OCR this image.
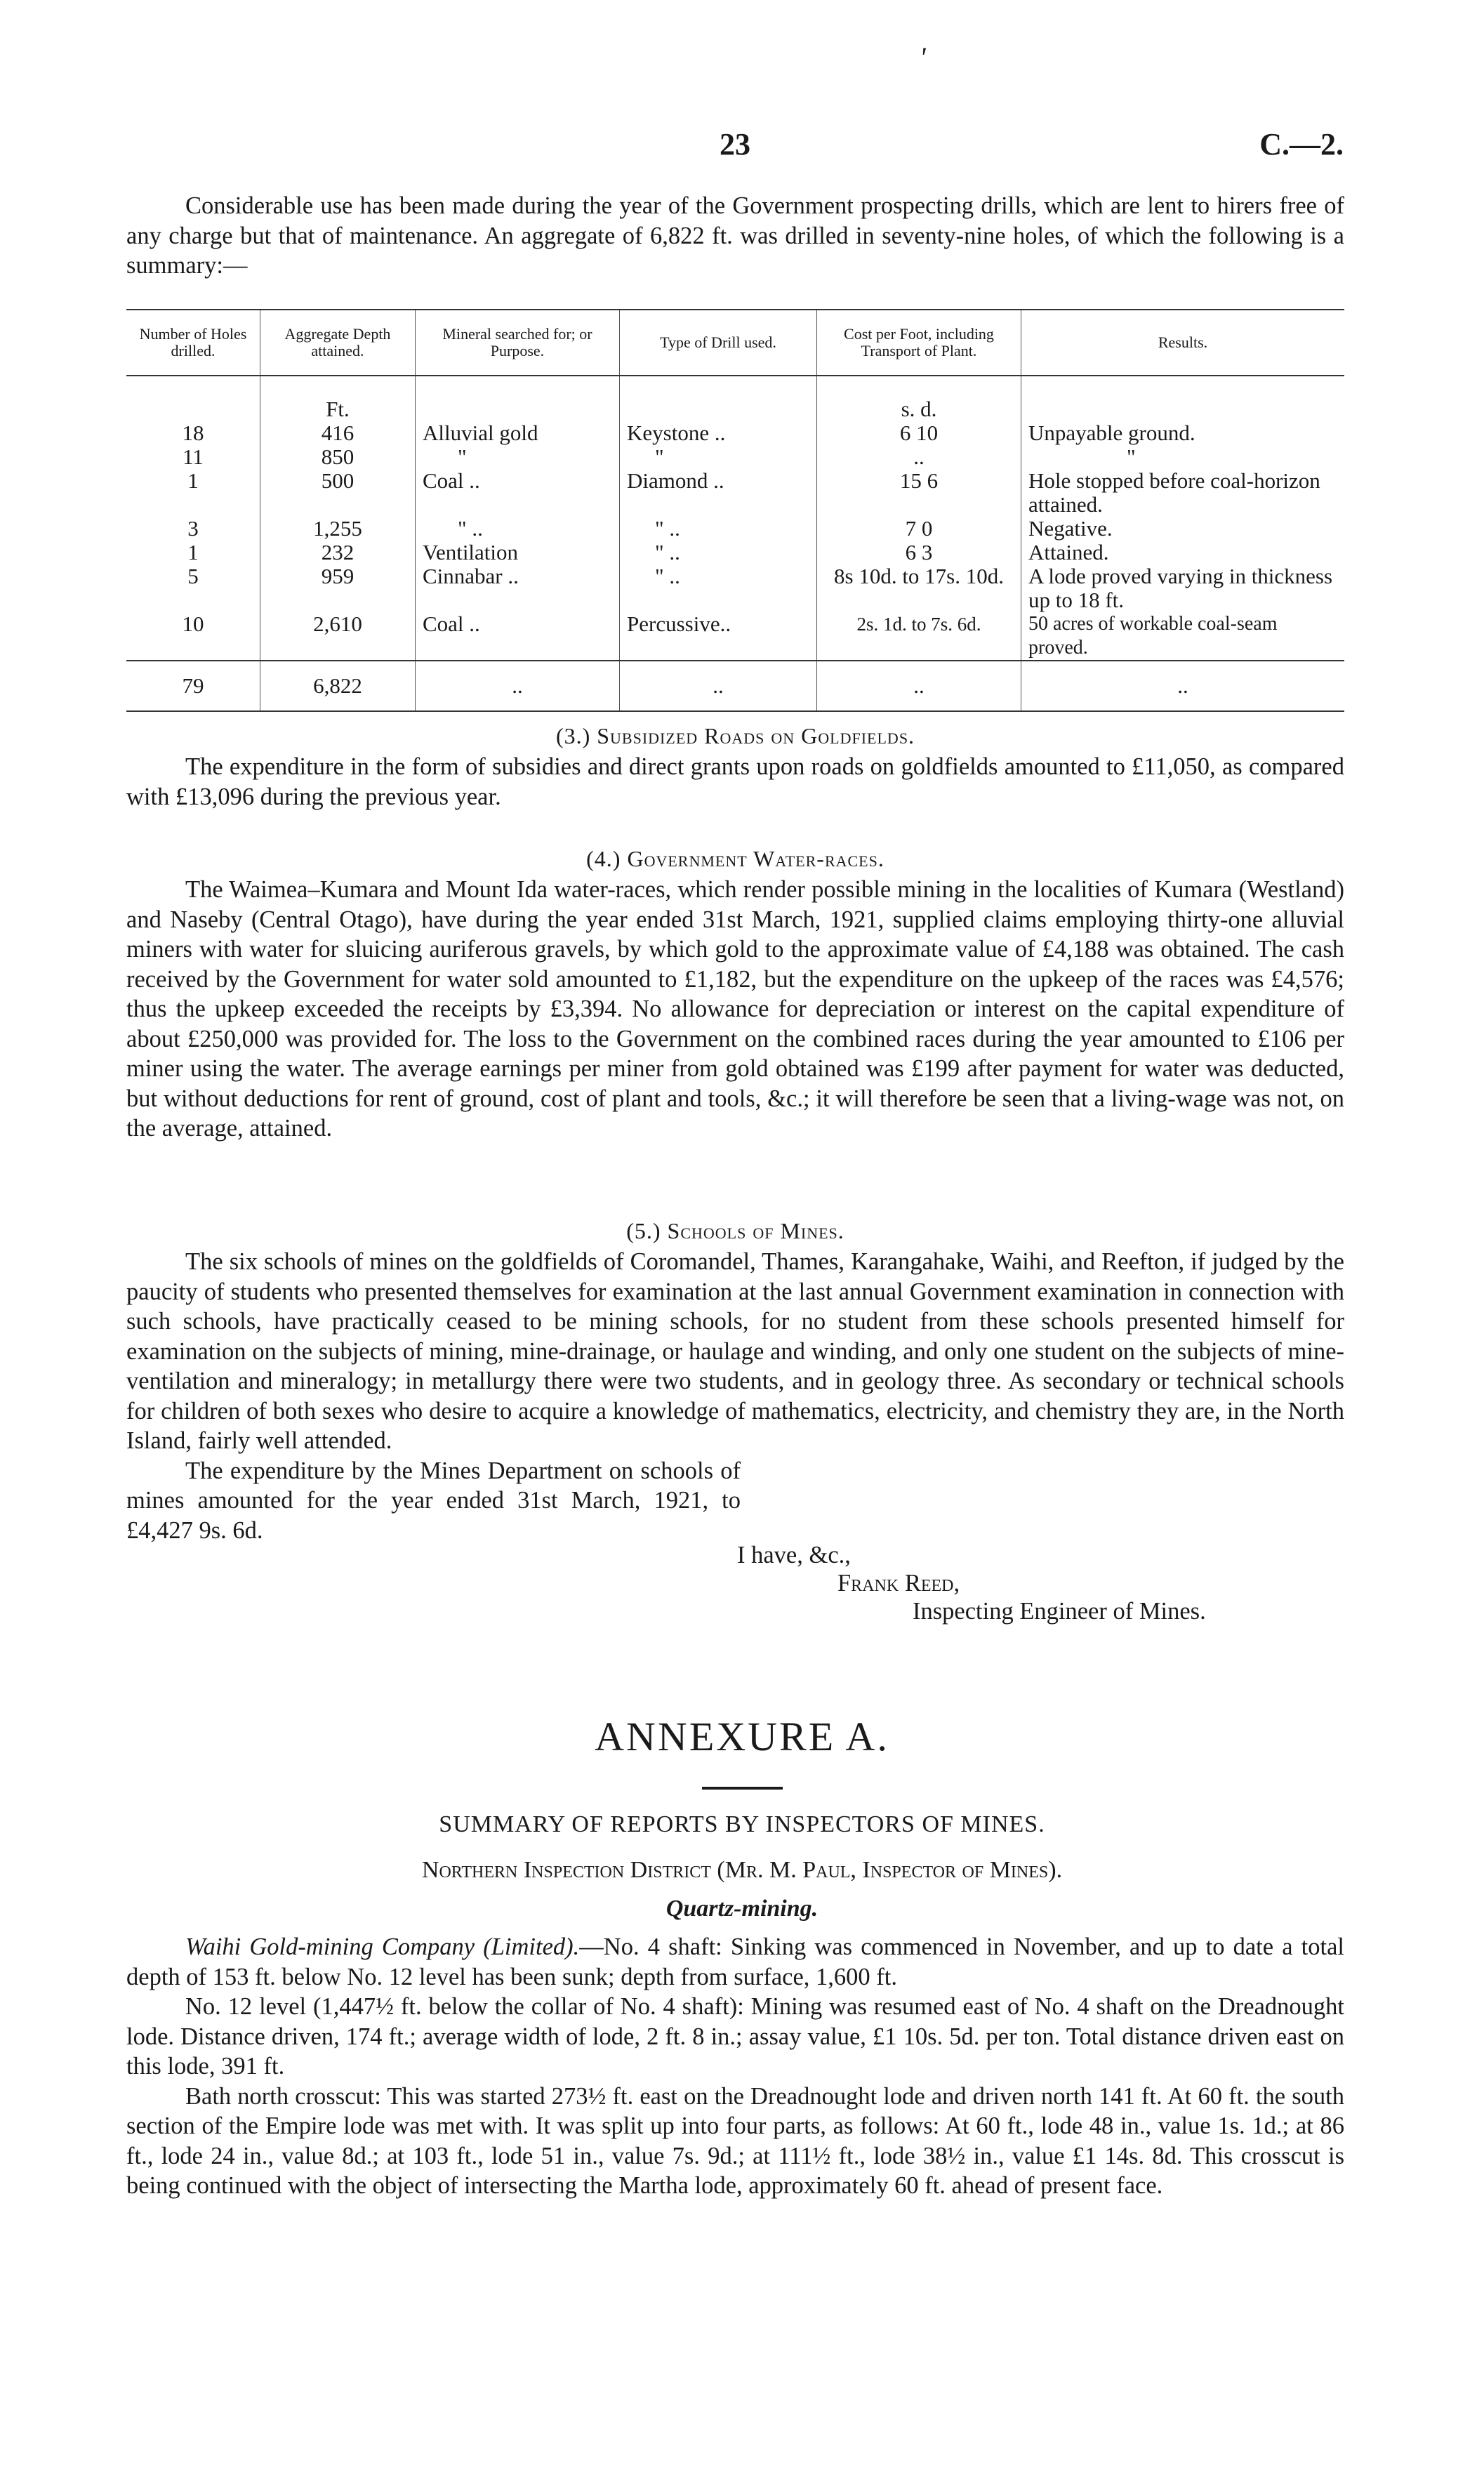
'
23	C.—2.

Considerable use has been made during the year of the Government prospecting drills, which are lent to hirers free of any charge but that of maintenance. An aggregate of 6,822 ft. was drilled in seventy-nine holes, of which the following is a summary:—

Number of Holes drilled.	Aggregate Depth attained.	Mineral searched for; or Purpose.	Type of Drill used.	Cost per Foot, including Transport of Plant.	Results.
	Ft.			s. d.	
18	416	Alluvial gold	Keystone ..	6 10	Unpayable ground.
11	850	"	"	..	"
1	500	Coal ..	Diamond ..	15 6	Hole stopped before coal-horizon attained.
3	1,255	" ..	" ..	7 0	Negative.
1	232	Ventilation	" ..	6 3	Attained.
5	959	Cinnabar ..	" ..	8s 10d. to 17s. 10d.	A lode proved varying in thickness up to 18 ft.
10	2,610	Coal ..	Percussive..	2s. 1d. to 7s. 6d.	50 acres of workable coal-seam proved.
79	6,822	..	..	..	..
(3.) Subsidized Roads on Goldfields.

The expenditure in the form of subsidies and direct grants upon roads on goldfields amounted to £11,050, as compared with £13,096 during the previous year.

(4.) Government Water-races.

The Waimea–Kumara and Mount Ida water-races, which render possible mining in the localities of Kumara (Westland) and Naseby (Central Otago), have during the year ended 31st March, 1921, supplied claims employing thirty-one alluvial miners with water for sluicing auriferous gravels, by which gold to the approximate value of £4,188 was obtained. The cash received by the Government for water sold amounted to £1,182, but the expenditure on the upkeep of the races was £4,576; thus the upkeep exceeded the receipts by £3,394. No allowance for depreciation or interest on the capital expenditure of about £250,000 was provided for. The loss to the Government on the combined races during the year amounted to £106 per miner using the water. The average earnings per miner from gold obtained was £199 after payment for water was deducted, but without deductions for rent of ground, cost of plant and tools, &c.; it will therefore be seen that a living-wage was not, on the average, attained.

(5.) Schools of Mines.

The six schools of mines on the goldfields of Coromandel, Thames, Karangahake, Waihi, and Reefton, if judged by the paucity of students who presented themselves for examination at the last annual Government examination in connection with such schools, have practically ceased to be mining schools, for no student from these schools presented himself for examination on the subjects of mining, mine-drainage, or haulage and winding, and only one student on the subjects of mine-ventilation and mineralogy; in metallurgy there were two students, and in geology three. As secondary or technical schools for children of both sexes who desire to acquire a knowledge of mathematics, electricity, and chemistry they are, in the North Island, fairly well attended.

The expenditure by the Mines Department on schools of mines amounted for the year ended 31st March, 1921, to £4,427 9s. 6d.

I have, &c.,
Frank Reed,
Inspecting Engineer of Mines.
ANNEXURE A.
SUMMARY OF REPORTS BY INSPECTORS OF MINES.
Northern Inspection District (Mr. M. Paul, Inspector of Mines).
Quartz-mining.

Waihi Gold-mining Company (Limited).—No. 4 shaft: Sinking was commenced in November, and up to date a total depth of 153 ft. below No. 12 level has been sunk; depth from surface, 1,600 ft.

No. 12 level (1,447½ ft. below the collar of No. 4 shaft): Mining was resumed east of No. 4 shaft on the Dreadnought lode. Distance driven, 174 ft.; average width of lode, 2 ft. 8 in.; assay value, £1 10s. 5d. per ton. Total distance driven east on this lode, 391 ft.

Bath north crosscut: This was started 273½ ft. east on the Dreadnought lode and driven north 141 ft. At 60 ft. the south section of the Empire lode was met with. It was split up into four parts, as follows: At 60 ft., lode 48 in., value 1s. 1d.; at 86 ft., lode 24 in., value 8d.; at 103 ft., lode 51 in., value 7s. 9d.; at 111½ ft., lode 38½ in., value £1 14s. 8d. This crosscut is being continued with the object of intersecting the Martha lode, approximately 60 ft. ahead of present face.
